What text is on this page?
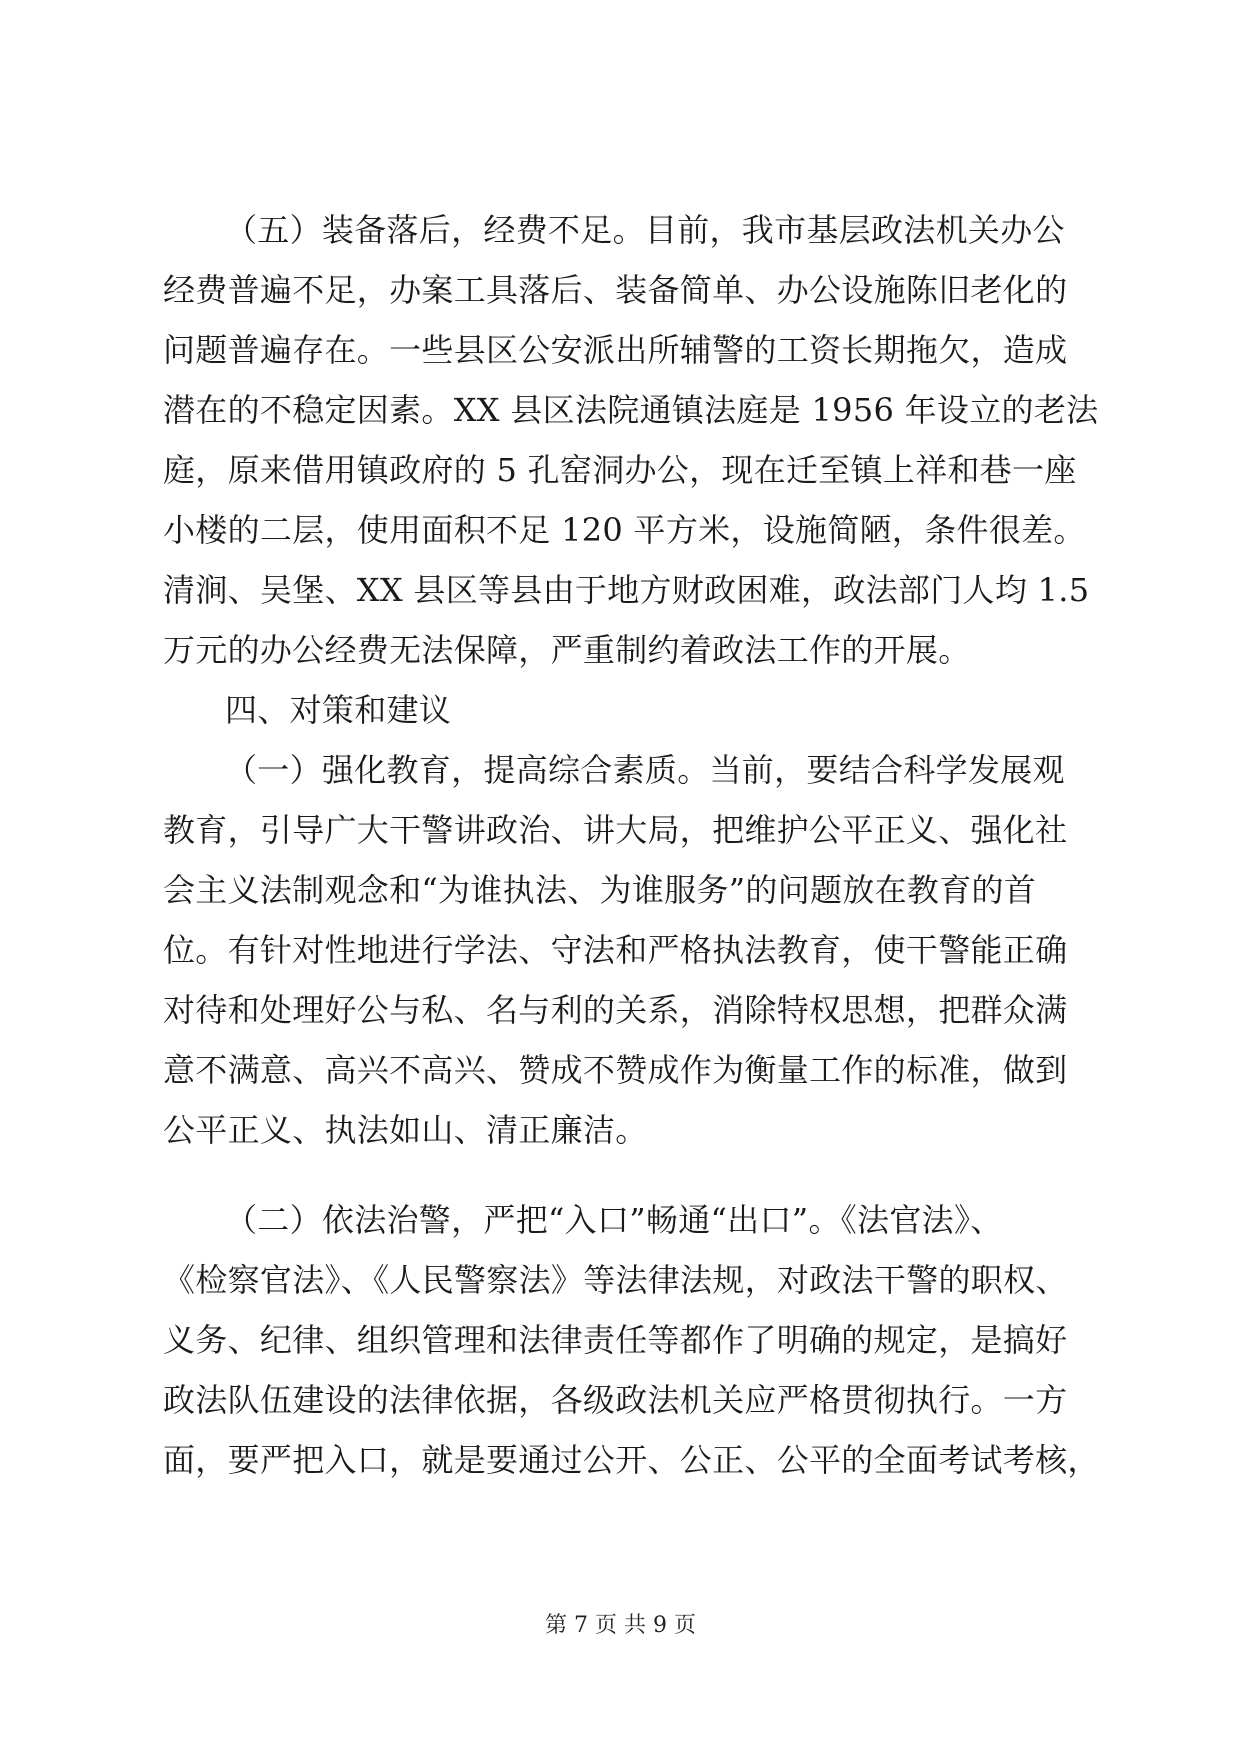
（五）装备落后，经费不足。目前，我市基层政法机关办公
经费普遍不足，办案工具落后、装备简单、办公设施陈旧老化的
问题普遍存在。一些县区公安派出所辅警的工资长期拖欠，造成
潜在的不稳定因素。XX 县区法院通镇法庭是 1956 年设立的老法
庭，原来借用镇政府的 5 孔窑洞办公，现在迁至镇上祥和巷一座
小楼的二层，使用面积不足 120 平方米，设施简陋，条件很差。
清涧、吴堡、XX 县区等县由于地方财政困难，政法部门人均 1.5
万元的办公经费无法保障，严重制约着政法工作的开展。
四、对策和建议
（一）强化教育，提高综合素质。当前，要结合科学发展观
教育，引导广大干警讲政治、讲大局，把维护公平正义、强化社
会主义法制观念和“为谁执法、为谁服务”的问题放在教育的首
位。有针对性地进行学法、守法和严格执法教育，使干警能正确
对待和处理好公与私、名与利的关系，消除特权思想，把群众满
意不满意、高兴不高兴、赞成不赞成作为衡量工作的标准，做到
公平正义、执法如山、清正廉洁。
（二）依法治警，严把“入口”畅通“出口”。《法官法》、
《检察官法》、《人民警察法》等法律法规，对政法干警的职权、
义务、纪律、组织管理和法律责任等都作了明确的规定，是搞好
政法队伍建设的法律依据，各级政法机关应严格贯彻执行。一方
面，要严把入口，就是要通过公开、公正、公平的全面考试考核，
第 7 页 共 9 页
